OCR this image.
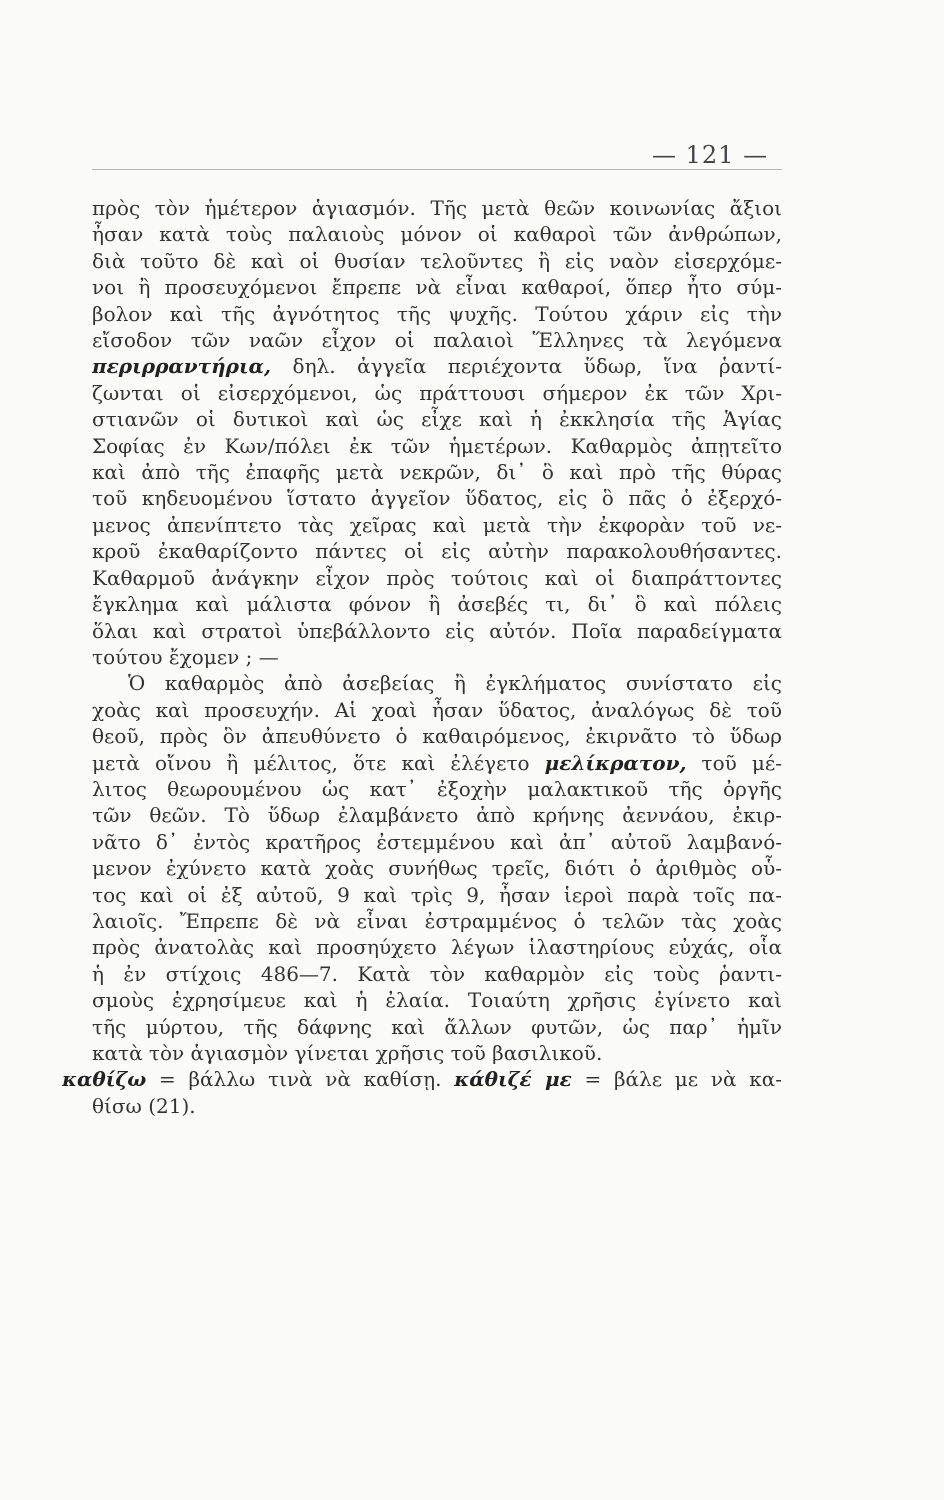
— 121 —
πρὸς τὸν ἡμέτερον ἁγιασμόν. Τῆς μετὰ θεῶν κοινωνίας ἄξιοι
ἦσαν κατὰ τοὺς παλαιοὺς μόνον οἱ καθαροὶ τῶν ἀνθρώπων,
διὰ τοῦτο δὲ καὶ οἱ θυσίαν τελοῦντες ἢ εἰς ναὸν εἰσερχόμε-
νοι ἢ προσευχόμενοι ἔπρεπε νὰ εἶναι καθαροί, ὅπερ ἦτο σύμ-
βολον καὶ τῆς ἀγνότητος τῆς ψυχῆς. Τούτου χάριν εἰς τὴν
εἴσοδον τῶν ναῶν εἶχον οἱ παλαιοὶ Ἕλληνες τὰ λεγόμενα
περιρραντήρια, δηλ. ἀγγεῖα περιέχοντα ὕδωρ, ἵνα ῥαντί-
ζωνται οἱ εἰσερχόμενοι, ὡς πράττουσι σήμερον ἐκ τῶν Χρι-
στιανῶν οἱ δυτικοὶ καὶ ὡς εἶχε καὶ ἡ ἐκκλησία τῆς Ἁγίας
Σοφίας ἐν Κων/πόλει ἐκ τῶν ἡμετέρων. Καθαρμὸς ἀπῃτεῖτο
καὶ ἀπὸ τῆς ἐπαφῆς μετὰ νεκρῶν, δι᾽ ὃ καὶ πρὸ τῆς θύρας
τοῦ κηδευομένου ἵστατο ἀγγεῖον ὕδατος, εἰς ὃ πᾶς ὁ ἐξερχό-
μενος ἀπενίπτετο τὰς χεῖρας καὶ μετὰ τὴν ἐκφορὰν τοῦ νε-
κροῦ ἐκαθαρίζοντο πάντες οἱ εἰς αὐτὴν παρακολουθήσαντες.
Καθαρμοῦ ἀνάγκην εἶχον πρὸς τούτοις καὶ οἱ διαπράττοντες
ἔγκλημα καὶ μάλιστα φόνον ἢ ἀσεβές τι, δι᾽ ὃ καὶ πόλεις
ὅλαι καὶ στρατοὶ ὑπεβάλλοντο εἰς αὐτόν. Ποῖα παραδείγματα
τούτου ἔχομεν ; —
Ὁ καθαρμὸς ἀπὸ ἀσεβείας ἢ ἐγκλήματος συνίστατο εἰς
χοὰς καὶ προσευχήν. Αἱ χοαὶ ἦσαν ὕδατος, ἀναλόγως δὲ τοῦ
θεοῦ, πρὸς ὃν ἀπευθύνετο ὁ καθαιρόμενος, ἐκιρνᾶτο τὸ ὕδωρ
μετὰ οἴνου ἢ μέλιτος, ὅτε καὶ ἐλέγετο μελίκρατον, τοῦ μέ-
λιτος θεωρουμένου ὡς κατ᾽ ἐξοχὴν μαλακτικοῦ τῆς ὀργῆς
τῶν θεῶν. Τὸ ὕδωρ ἐλαμβάνετο ἀπὸ κρήνης ἀεννάου, ἐκιρ-
νᾶτο δ᾽ ἐντὸς κρατῆρος ἐστεμμένου καὶ ἀπ᾽ αὐτοῦ λαμβανό-
μενον ἐχύνετο κατὰ χοὰς συνήθως τρεῖς, διότι ὁ ἀριθμὸς οὗ-
τος καὶ οἱ ἐξ αὐτοῦ, 9 καὶ τρὶς 9, ἦσαν ἱεροὶ παρὰ τοῖς πα-
λαιοῖς. Ἔπρεπε δὲ νὰ εἶναι ἐστραμμένος ὁ τελῶν τὰς χοὰς
πρὸς ἀνατολὰς καὶ προσηύχετο λέγων ἱλαστηρίους εὐχάς, οἷα
ἡ ἐν στίχοις 486—7. Κατὰ τὸν καθαρμὸν εἰς τοὺς ῥαντι-
σμοὺς ἐχρησίμευε καὶ ἡ ἐλαία. Τοιαύτη χρῆσις ἐγίνετο καὶ
τῆς μύρτου, τῆς δάφνης καὶ ἄλλων φυτῶν, ὡς παρ᾽ ἡμῖν
κατὰ τὸν ἁγιασμὸν γίνεται χρῆσις τοῦ βασιλικοῦ.
καθίζω = βάλλω τινὰ νὰ καθίσῃ. κάθιζέ με = βάλε με νὰ κα-
θίσω (21).
